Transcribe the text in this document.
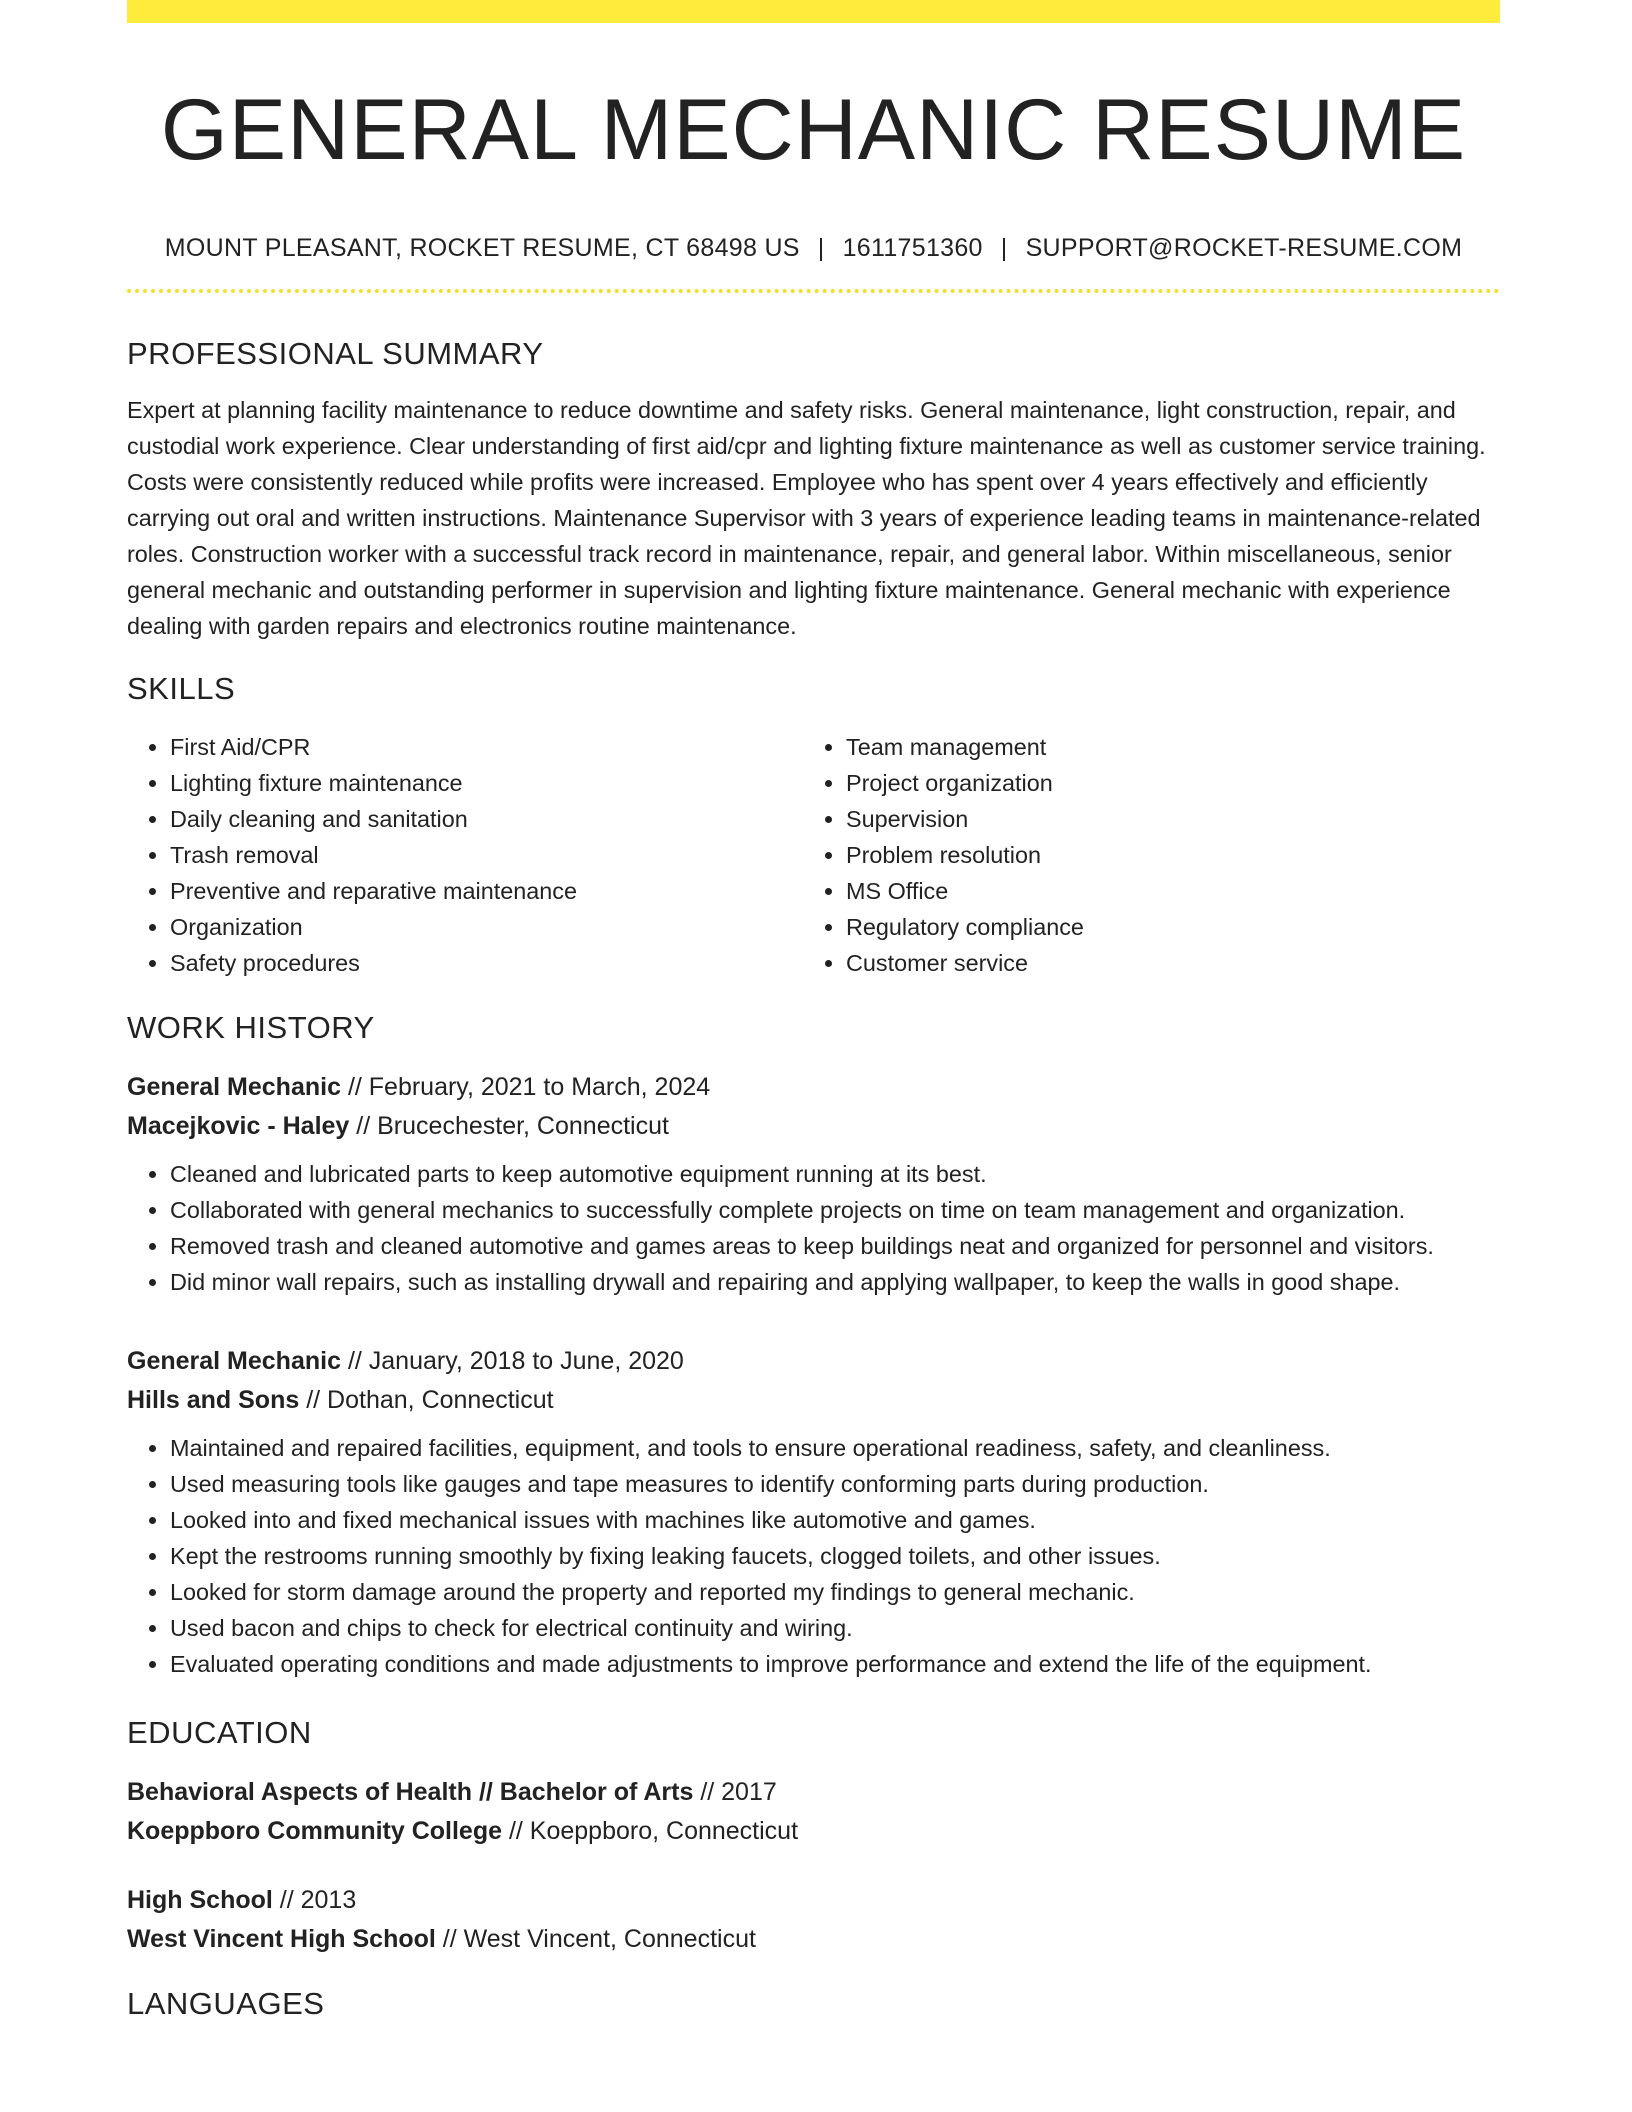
GENERAL MECHANIC RESUME
MOUNT PLEASANT, ROCKET RESUME, CT 68498 US | 1611751360 | SUPPORT@ROCKET-RESUME.COM
PROFESSIONAL SUMMARY

Expert at planning facility maintenance to reduce downtime and safety risks. General maintenance, light construction, repair, and custodial work experience. Clear understanding of first aid/cpr and lighting fixture maintenance as well as customer service training. Costs were consistently reduced while profits were increased. Employee who has spent over 4 years effectively and efficiently carrying out oral and written instructions. Maintenance Supervisor with 3 years of experience leading teams in maintenance-related roles. Construction worker with a successful track record in maintenance, repair, and general labor. Within miscellaneous, senior general mechanic and outstanding performer in supervision and lighting fixture maintenance. General mechanic with experience dealing with garden repairs and electronics routine maintenance.

SKILLS
• First Aid/CPR
• Lighting fixture maintenance
• Daily cleaning and sanitation
• Trash removal
• Preventive and reparative maintenance
• Organization
• Safety procedures
• Team management
• Project organization
• Supervision
• Problem resolution
• MS Office
• Regulatory compliance
• Customer service
WORK HISTORY
General Mechanic // February, 2021 to March, 2024
Macejkovic - Haley // Brucechester, Connecticut
• Cleaned and lubricated parts to keep automotive equipment running at its best.
• Collaborated with general mechanics to successfully complete projects on time on team management and organization.
• Removed trash and cleaned automotive and games areas to keep buildings neat and organized for personnel and visitors.
• Did minor wall repairs, such as installing drywall and repairing and applying wallpaper, to keep the walls in good shape.
General Mechanic // January, 2018 to June, 2020
Hills and Sons // Dothan, Connecticut
• Maintained and repaired facilities, equipment, and tools to ensure operational readiness, safety, and cleanliness.
• Used measuring tools like gauges and tape measures to identify conforming parts during production.
• Looked into and fixed mechanical issues with machines like automotive and games.
• Kept the restrooms running smoothly by fixing leaking faucets, clogged toilets, and other issues.
• Looked for storm damage around the property and reported my findings to general mechanic.
• Used bacon and chips to check for electrical continuity and wiring.
• Evaluated operating conditions and made adjustments to improve performance and extend the life of the equipment.
EDUCATION
Behavioral Aspects of Health // Bachelor of Arts // 2017
Koeppboro Community College // Koeppboro, Connecticut
High School // 2013
West Vincent High School // West Vincent, Connecticut
LANGUAGES
